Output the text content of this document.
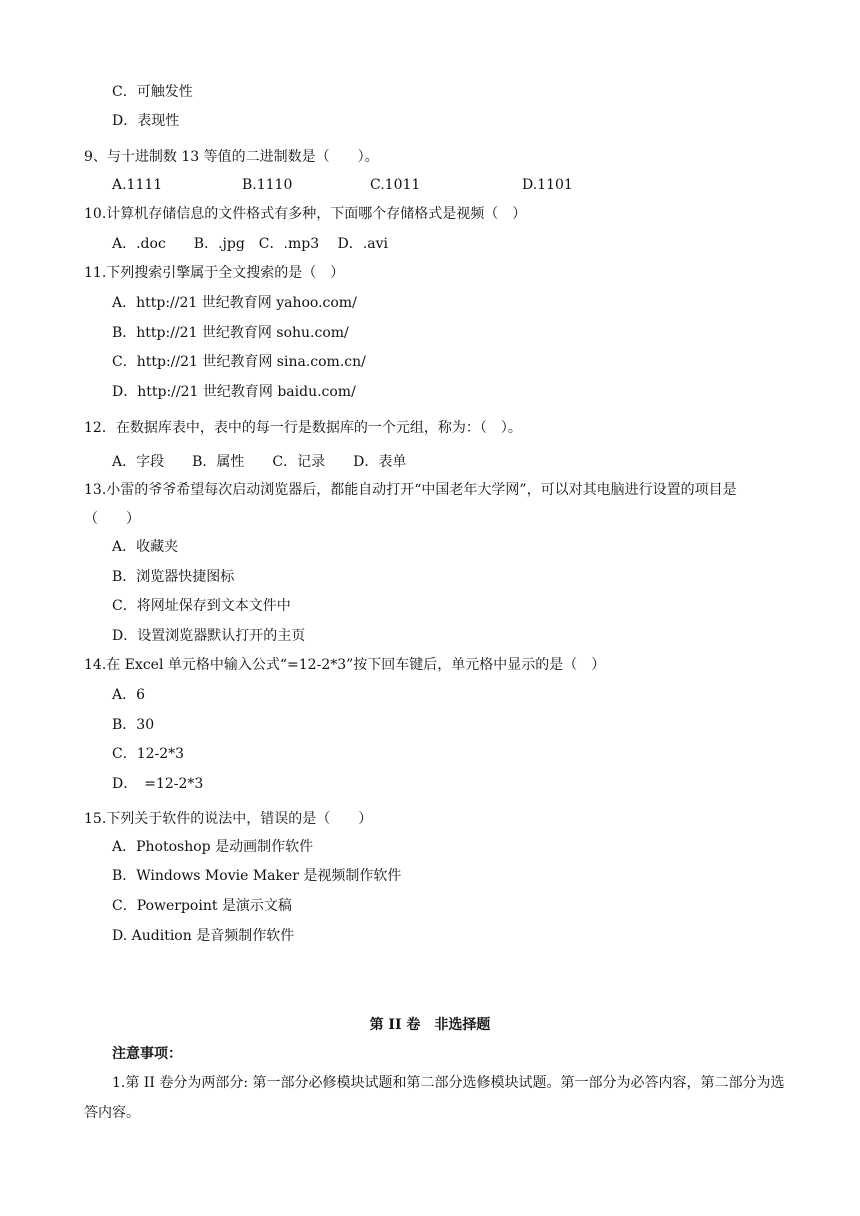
C．可触发性
D．表现性
9、与十进制数 13 等值的二进制数是（　　）。
A.1111	B.1110	C.1011	D.1101
10.计算机存储信息的文件格式有多种，下面哪个存储格式是视频（　）
A．.doc　　B．.jpg　C．.mp3　 D．.avi
11.下列搜索引擎属于全文搜索的是（　）
A．http://21 世纪教育网 yahoo.com/
B．http://21 世纪教育网 sohu.com/
C．http://21 世纪教育网 sina.com.cn/
D．http://21 世纪教育网 baidu.com/
12．在数据库表中，表中的每一行是数据库的一个元组，称为：（　）。
A．字段　　B．属性　　C．记录　　D．表单
13.小雷的爷爷希望每次启动浏览器后，都能自动打开“中国老年大学网”，可以对其电脑进行设置的项目是（　　）
A．收藏夹
B．浏览器快捷图标
C．将网址保存到文本文件中
D．设置浏览器默认打开的主页
14.在 Excel 单元格中输入公式“=12-2*3”按下回车键后，单元格中显示的是（　）
A．6
B．30
C．12-2*3
D．　=12-2*3
15.下列关于软件的说法中，错误的是（　　）
A．Photoshop 是动画制作软件
B．Windows Movie Maker 是视频制作软件
C．Powerpoint 是演示文稿
D. Audition 是音频制作软件
第 II 卷　非选择题
注意事项：
1.第 II 卷分为两部分: 第一部分必修模块试题和第二部分选修模块试题。第一部分为必答内容，第二部分为选答内容。
